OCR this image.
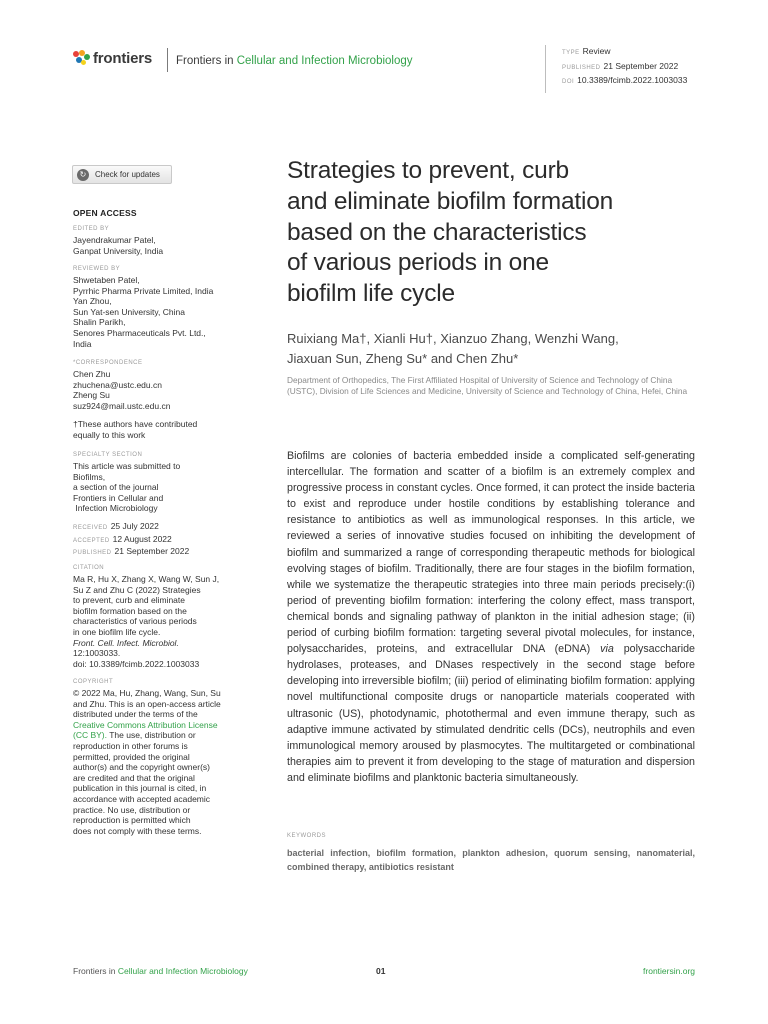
frontiers Frontiers in Cellular and Infection Microbiology
TYPE Review
PUBLISHED 21 September 2022
DOI 10.3389/fcimb.2022.1003033
↻	Check for updates
OPEN ACCESS
EDITED BY
Jayendrakumar Patel,
Ganpat University, India
REVIEWED BY
Shwetaben Patel,
Pyrrhic Pharma Private Limited, India
Yan Zhou,
Sun Yat-sen University, China
Shalin Parikh,
Senores Pharmaceuticals Pvt. Ltd.,
India
*CORRESPONDENCE
Chen Zhu
zhuchena@ustc.edu.cn
Zheng Su
suz924@mail.ustc.edu.cn
†These authors have contributed
equally to this work
SPECIALTY SECTION
This article was submitted to
Biofilms,
a section of the journal
Frontiers in Cellular and
Infection Microbiology
RECEIVED 25 July 2022
ACCEPTED 12 August 2022
PUBLISHED 21 September 2022
CITATION
Ma R, Hu X, Zhang X, Wang W, Sun J,
Su Z and Zhu C (2022) Strategies
to prevent, curb and eliminate
biofilm formation based on the
characteristics of various periods
in one biofilm life cycle.
Front. Cell. Infect. Microbiol.
12:1003033.
doi: 10.3389/fcimb.2022.1003033
COPYRIGHT
© 2022 Ma, Hu, Zhang, Wang, Sun, Su
and Zhu. This is an open-access article
distributed under the terms of the
Creative Commons Attribution License
(CC BY). The use, distribution or
reproduction in other forums is
permitted, provided the original
author(s) and the copyright owner(s)
are credited and that the original
publication in this journal is cited, in
accordance with accepted academic
practice. No use, distribution or
reproduction is permitted which
does not comply with these terms.
Strategies to prevent, curb
and eliminate biofilm formation
based on the characteristics
of various periods in one
biofilm life cycle
Ruixiang Ma†, Xianli Hu†, Xianzuo Zhang, Wenzhi Wang,
Jiaxuan Sun, Zheng Su* and Chen Zhu*
Department of Orthopedics, The First Affiliated Hospital of University of Science and Technology of China (USTC), Division of Life Sciences and Medicine, University of Science and Technology of China, Hefei, China
Biofilms are colonies of bacteria embedded inside a complicated self-generating intercellular. The formation and scatter of a biofilm is an extremely complex and progressive process in constant cycles. Once formed, it can protect the inside bacteria to exist and reproduce under hostile conditions by establishing tolerance and resistance to antibiotics as well as immunological responses. In this article, we reviewed a series of innovative studies focused on inhibiting the development of biofilm and summarized a range of corresponding therapeutic methods for biological evolving stages of biofilm. Traditionally, there are four stages in the biofilm formation, while we systematize the therapeutic strategies into three main periods precisely:(i) period of preventing biofilm formation: interfering the colony effect, mass transport, chemical bonds and signaling pathway of plankton in the initial adhesion stage; (ii) period of curbing biofilm formation: targeting several pivotal molecules, for instance, polysaccharides, proteins, and extracellular DNA (eDNA) via polysaccharide hydrolases, proteases, and DNases respectively in the second stage before developing into irreversible biofilm; (iii) period of eliminating biofilm formation: applying novel multifunctional composite drugs or nanoparticle materials cooperated with ultrasonic (US), photodynamic, photothermal and even immune therapy, such as adaptive immune activated by stimulated dendritic cells (DCs), neutrophils and even immunological memory aroused by plasmocytes. The multitargeted or combinational therapies aim to prevent it from developing to the stage of maturation and dispersion and eliminate biofilms and planktonic bacteria simultaneously.
KEYWORDS
bacterial infection, biofilm formation, plankton adhesion, quorum sensing, nanomaterial, combined therapy, antibiotics resistant
Frontiers in Cellular and Infection Microbiology	01	frontiersin.org
